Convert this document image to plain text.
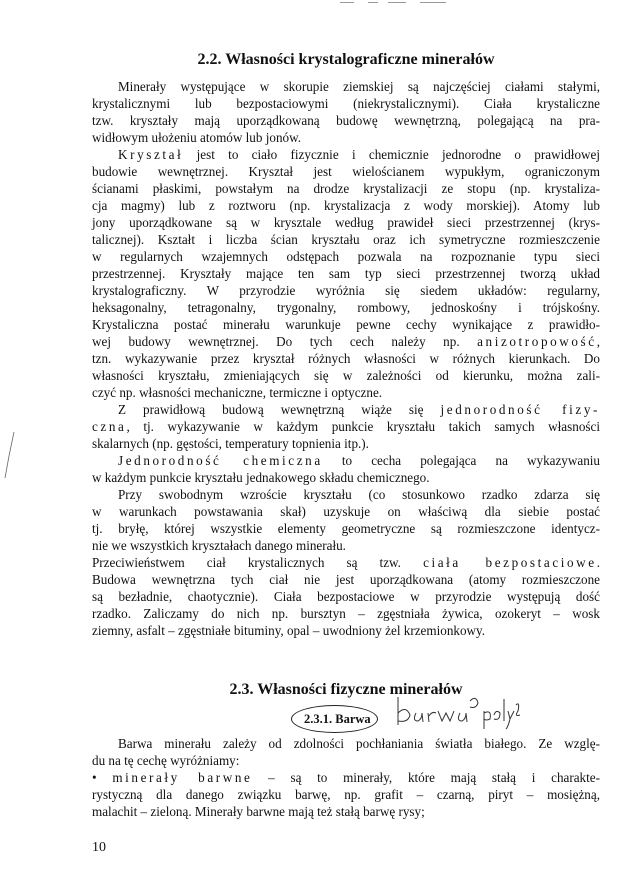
2.2. Własności krystalograficzne minerałów
Minerały występujące w skorupie ziemskiej są najczęściej ciałami stałymi,
krystalicznymi lub bezpostaciowymi (niekrystalicznymi). Ciała krystaliczne
tzw. kryształy mają uporządkowaną budowę wewnętrzną, polegającą na pra-
widłowym ułożeniu atomów lub jonów.
Kryształ jest to ciało fizycznie i chemicznie jednorodne o prawidłowej
budowie wewnętrznej. Kryształ jest wielościanem wypukłym, ograniczonym
ścianami płaskimi, powstałym na drodze krystalizacji ze stopu (np. krystaliza-
cja magmy) lub z roztworu (np. krystalizacja z wody morskiej). Atomy lub
jony uporządkowane są w krysztale według prawideł sieci przestrzennej (krys-
talicznej). Kształt i liczba ścian kryształu oraz ich symetryczne rozmieszczenie
w regularnych wzajemnych odstępach pozwala na rozpoznanie typu sieci
przestrzennej. Kryształy mające ten sam typ sieci przestrzennej tworzą układ
krystalograficzny. W przyrodzie wyróżnia się siedem układów: regularny,
heksagonalny, tetragonalny, trygonalny, rombowy, jednoskośny i trójskośny.
Krystaliczna postać minerału warunkuje pewne cechy wynikające z prawidło-
wej budowy wewnętrznej. Do tych cech należy np. anizotropowość,
tzn. wykazywanie przez kryształ różnych własności w różnych kierunkach. Do
własności kryształu, zmieniających się w zależności od kierunku, można zali-
czyć np. własności mechaniczne, termiczne i optyczne.
Z prawidłową budową wewnętrzną wiąże się jednorodność fizy-
czna, tj. wykazywanie w każdym punkcie kryształu takich samych własności
skalarnych (np. gęstości, temperatury topnienia itp.).
Jednorodność chemiczna to cecha polegająca na wykazywaniu
w każdym punkcie kryształu jednakowego składu chemicznego.
Przy swobodnym wzroście kryształu (co stosunkowo rzadko zdarza się
w warunkach powstawania skał) uzyskuje on właściwą dla siebie postać
tj. bryłę, której wszystkie elementy geometryczne są rozmieszczone identycz-
nie we wszystkich kryształach danego minerału.
Przeciwieństwem ciał krystalicznych są tzw. ciała bezpostaciowe.
Budowa wewnętrzna tych ciał nie jest uporządkowana (atomy rozmieszczone
są bezładnie, chaotycznie). Ciała bezpostaciowe w przyrodzie występują dość
rzadko. Zaliczamy do nich np. bursztyn – zgęstniała żywica, ozokeryt – wosk
ziemny, asfalt – zgęstniałe bituminy, opal – uwodniony żel krzemionkowy.
2.3. Własności fizyczne minerałów
2.3.1. Barwa
Barwa minerału zależy od zdolności pochłaniania światła białego. Ze wzglę-
du na tę cechę wyróżniamy:
• minerały barwne – są to minerały, które mają stałą i charakte-
rystyczną dla danego związku barwę, np. grafit – czarną, piryt – mosiężną,
malachit – zieloną. Minerały barwne mają też stałą barwę rysy;
10
